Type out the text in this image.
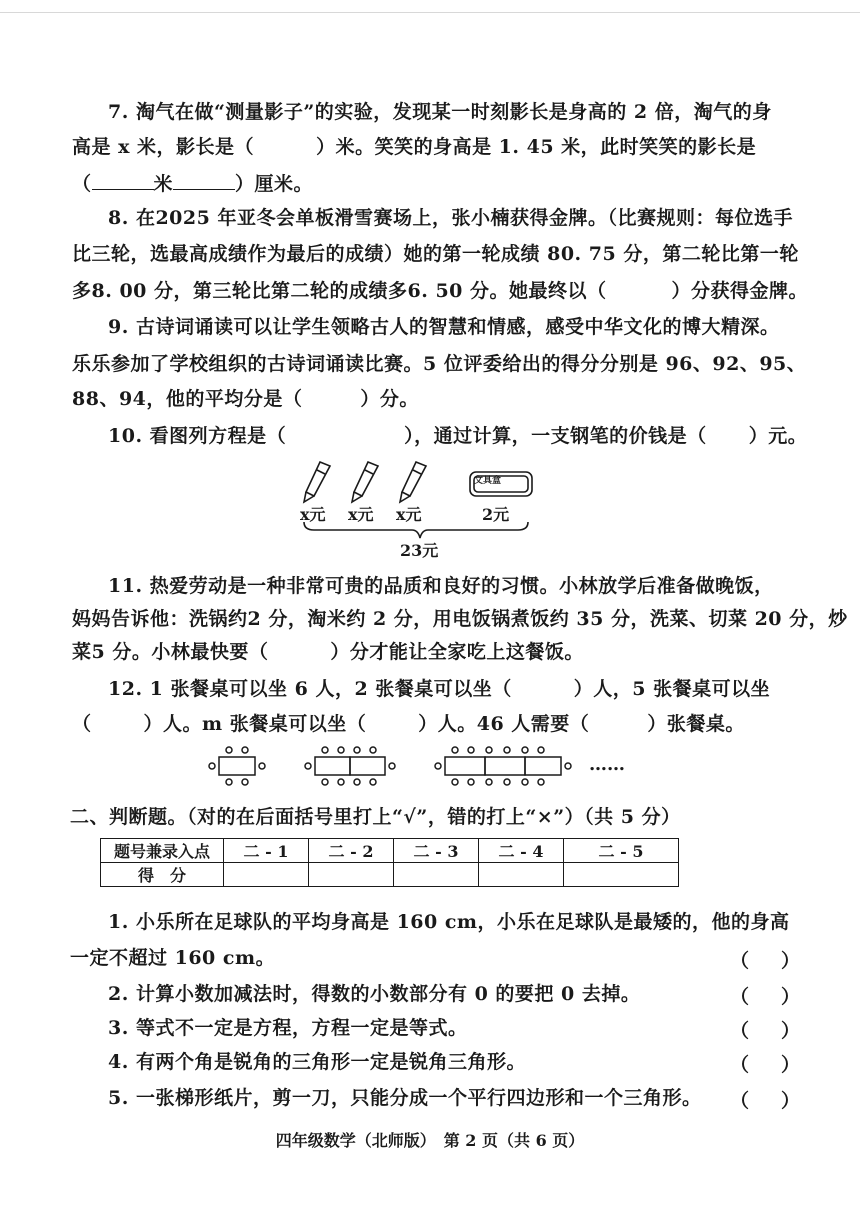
7. 淘气在做“测量影子”的实验，发现某一时刻影长是身高的 2 倍，淘气的身
高是 x 米，影长是（	）米。笑笑的身高是 1. 45 米，此时笑笑的影长是
（	米	）厘米。
8. 在2025 年亚冬会单板滑雪赛场上，张小楠获得金牌。（比赛规则：每位选手
比三轮，选最高成绩作为最后的成绩）她的第一轮成绩 80. 75 分，第二轮比第一轮
多8. 00 分，第三轮比第二轮的成绩多6. 50 分。她最终以（	）分获得金牌。
9. 古诗词诵读可以让学生领略古人的智慧和情感，感受中华文化的博大精深。
乐乐参加了学校组织的古诗词诵读比赛。5 位评委给出的得分分别是 96、92、95、
88、94，他的平均分是（	）分。
10. 看图列方程是（	），通过计算，一支钢笔的价钱是（ ）元。
文具盒
x元 x元 x元	2元
23元
11. 热爱劳动是一种非常可贵的品质和良好的习惯。小林放学后准备做晚饭，
妈妈告诉他：洗锅约2 分，淘米约 2 分，用电饭锅煮饭约 35 分，洗菜、切菜 20 分，炒
菜5 分。小林最快要（	）分才能让全家吃上这餐饭。
12. 1 张餐桌可以坐 6 人，2 张餐桌可以坐（	）人，5 张餐桌可以坐
（	）人。m 张餐桌可以坐（	）人。46 人需要（	）张餐桌。
……
二、判断题。（对的在后面括号里打上“√”，错的打上“×”）（共 5 分）
题号兼录入点	二 - 1	二 - 2	二 - 3	二 - 4	二 - 5
得　分					
1. 小乐所在足球队的平均身高是 160 cm，小乐在足球队是最矮的，他的身高
一定不超过 160 cm。	（ ）
2. 计算小数加减法时，得数的小数部分有 0 的要把 0 去掉。	（ ）
3. 等式不一定是方程，方程一定是等式。	（ ）
4. 有两个角是锐角的三角形一定是锐角三角形。	（ ）
5. 一张梯形纸片，剪一刀，只能分成一个平行四边形和一个三角形。	（ ）
四年级数学（北师版）　第 2 页（共 6 页）
